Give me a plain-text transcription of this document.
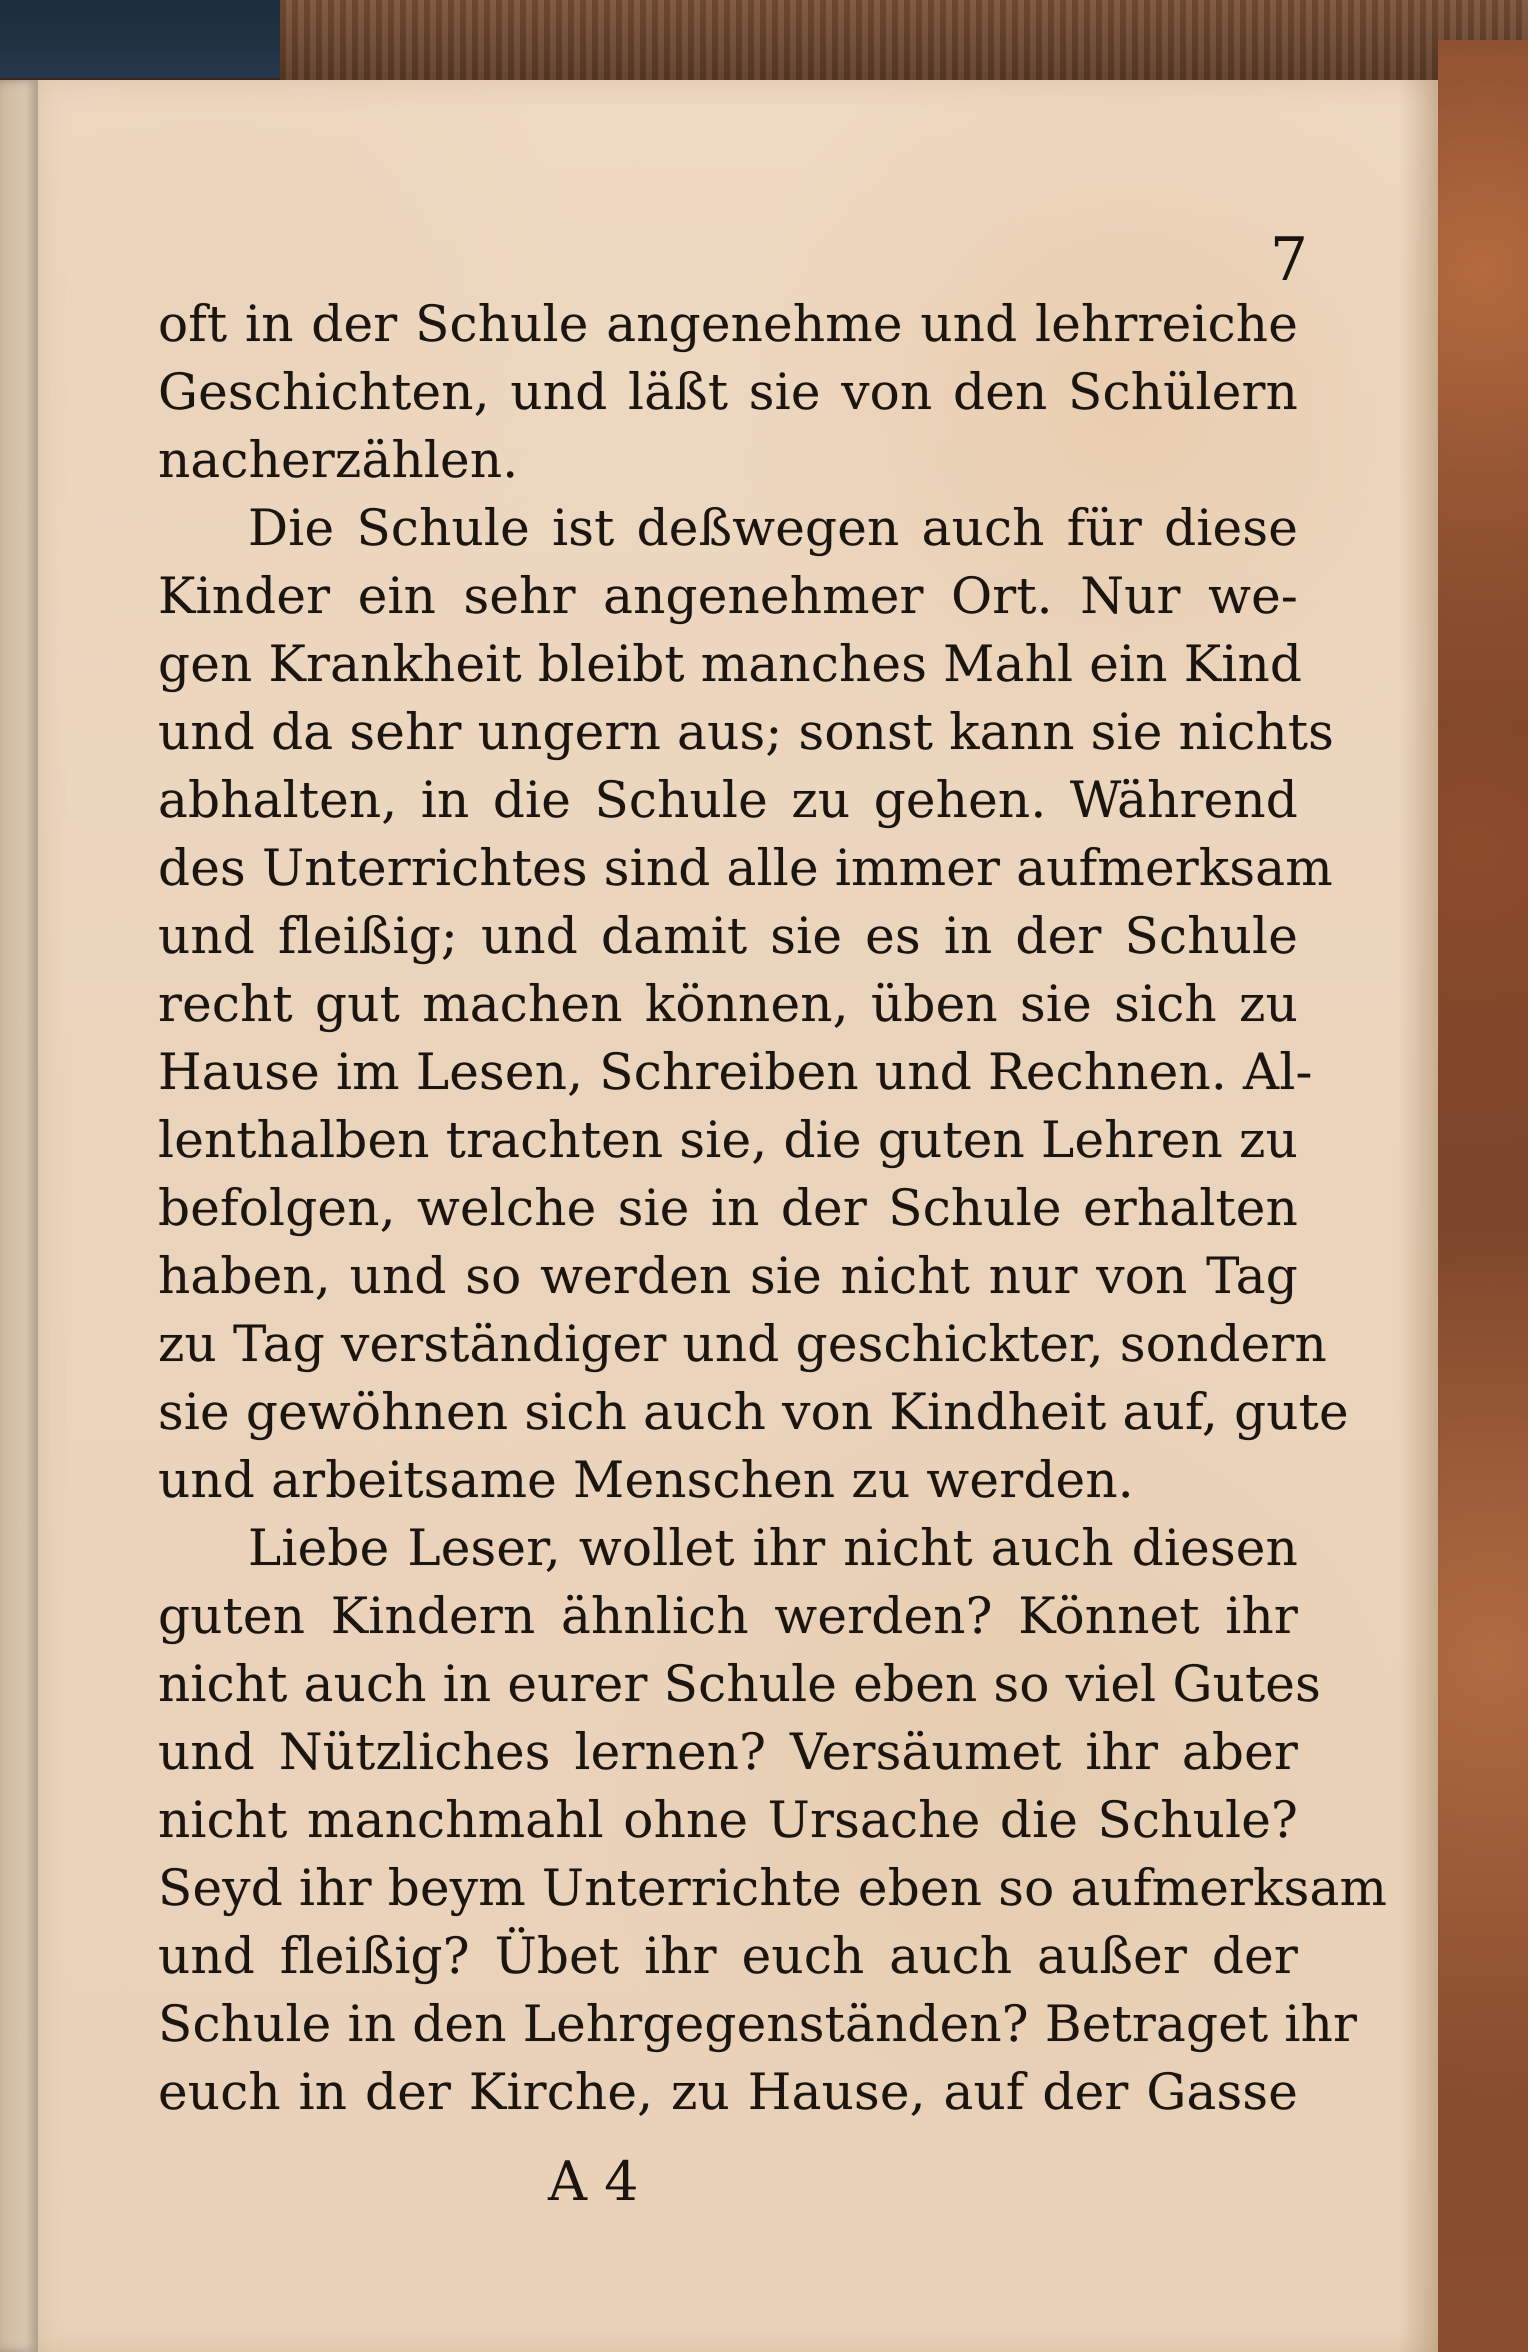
7
oft in der Schule angenehme und lehrreiche
Geschichten, und läßt sie von den Schülern
nacherzählen.
Die Schule ist deßwegen auch für diese
Kinder ein sehr angenehmer Ort. Nur we-
gen Krankheit bleibt manches Mahl ein Kind
und da sehr ungern aus; sonst kann sie nichts
abhalten, in die Schule zu gehen. Während
des Unterrichtes sind alle immer aufmerksam
und fleißig; und damit sie es in der Schule
recht gut machen können, üben sie sich zu
Hause im Lesen, Schreiben und Rechnen. Al-
lenthalben trachten sie, die guten Lehren zu
befolgen, welche sie in der Schule erhalten
haben, und so werden sie nicht nur von Tag
zu Tag verständiger und geschickter, sondern
sie gewöhnen sich auch von Kindheit auf, gute
und arbeitsame Menschen zu werden.
Liebe Leser, wollet ihr nicht auch diesen
guten Kindern ähnlich werden? Könnet ihr
nicht auch in eurer Schule eben so viel Gutes
und Nützliches lernen? Versäumet ihr aber
nicht manchmahl ohne Ursache die Schule?
Seyd ihr beym Unterrichte eben so aufmerksam
und fleißig? Übet ihr euch auch außer der
Schule in den Lehrgegenständen? Betraget ihr
euch in der Kirche, zu Hause, auf der Gasse
A 4
